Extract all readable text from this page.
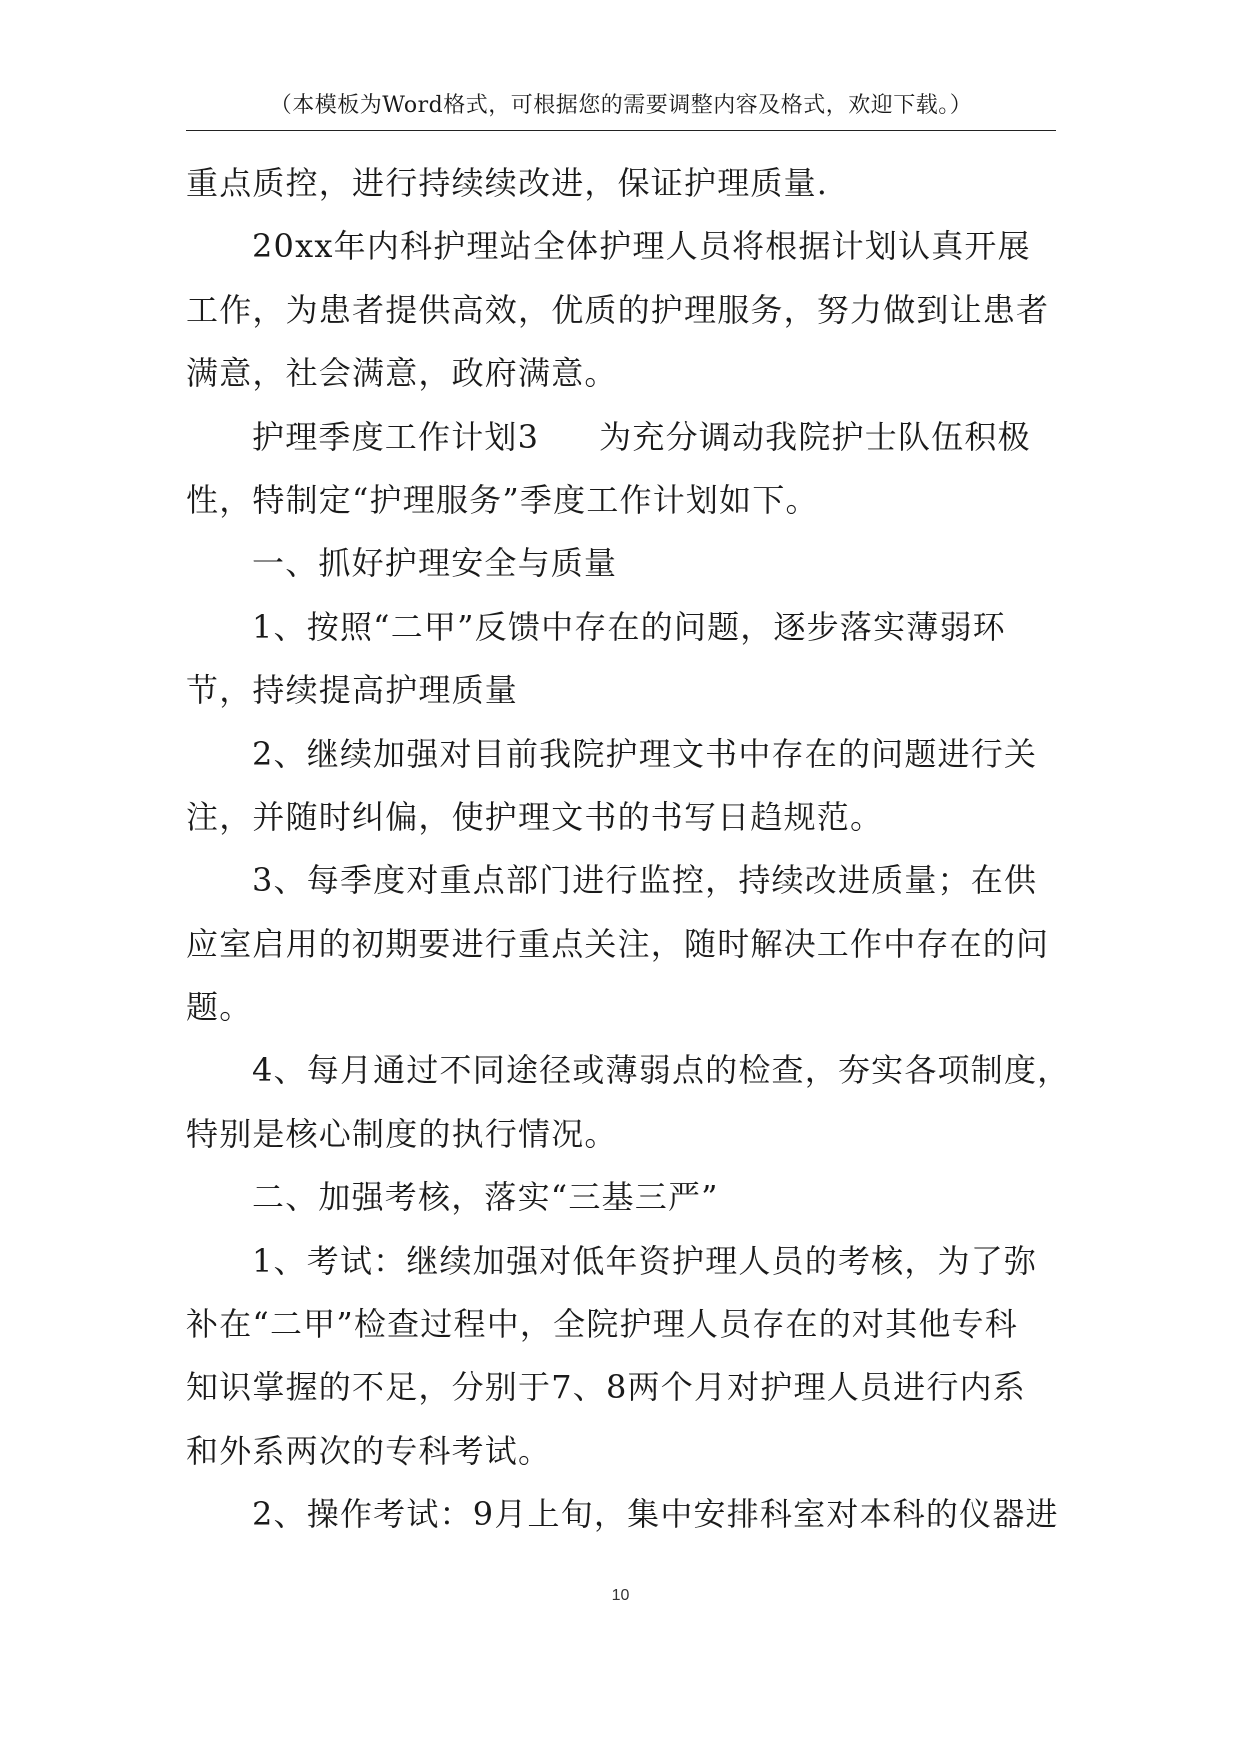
（本模板为Word格式，可根据您的需要调整内容及格式，欢迎下载。）
重点质控，进行持续续改进，保证护理质量.
20xx年内科护理站全体护理人员将根据计划认真开展
工作，为患者提供高效，优质的护理服务，努力做到让患者
满意，社会满意，政府满意。
护理季度工作计划3 为充分调动我院护士队伍积极
性，特制定“护理服务”季度工作计划如下。
一、抓好护理安全与质量
1、按照“二甲”反馈中存在的问题，逐步落实薄弱环
节，持续提高护理质量
2、继续加强对目前我院护理文书中存在的问题进行关
注，并随时纠偏，使护理文书的书写日趋规范。
3、每季度对重点部门进行监控，持续改进质量；在供
应室启用的初期要进行重点关注，随时解决工作中存在的问
题。
4、每月通过不同途径或薄弱点的检查，夯实各项制度，
特别是核心制度的执行情况。
二、加强考核，落实“三基三严”
1、考试：继续加强对低年资护理人员的考核，为了弥
补在“二甲”检查过程中，全院护理人员存在的对其他专科
知识掌握的不足，分别于7、8两个月对护理人员进行内系
和外系两次的专科考试。
2、操作考试：9月上旬，集中安排科室对本科的仪器进
10
